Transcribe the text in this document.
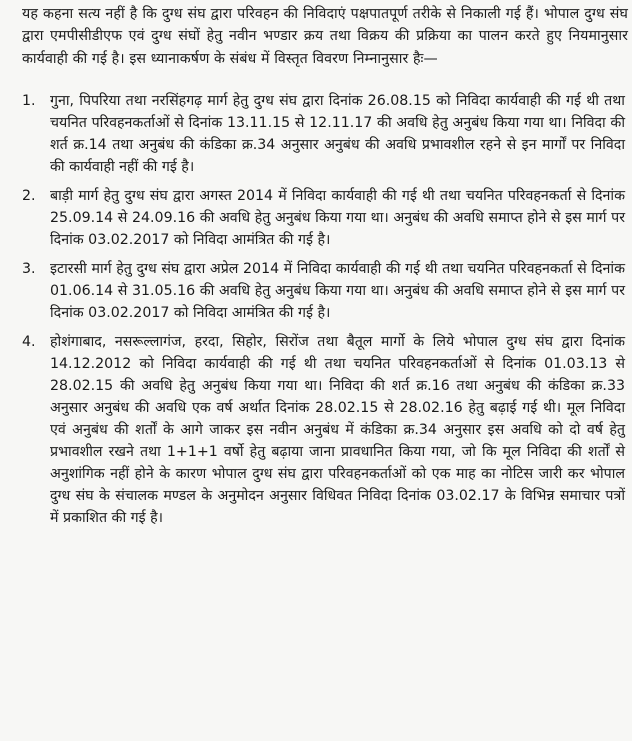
यह कहना सत्य नहीं है कि दुग्ध संघ द्वारा परिवहन की निविदाएं पक्षपातपूर्ण तरीके से निकाली गई हैं। भोपाल दुग्ध संघ द्वारा एमपीसीडीएफ एवं दुग्ध संघों हेतु नवीन भण्डार क्रय तथा विक्रय की प्रक्रिया का पालन करते हुए नियमानुसार कार्यवाही की गई है। इस ध्यानाकर्षण के संबंध में विस्तृत विवरण निम्नानुसार हैः—

1.	गुना, पिपरिया तथा नरसिंहगढ़ मार्ग हेतु दुग्ध संघ द्वारा दिनांक 26.08.15 को निविदा कार्यवाही की गई थी तथा चयनित परिवहनकर्ताओं से दिनांक 13.11.15 से 12.11.17 की अवधि हेतु अनुबंध किया गया था। निविदा की शर्त क्र.14 तथा अनुबंध की कंडिका क्र.34 अनुसार अनुबंध की अवधि प्रभावशील रहने से इन मार्गों पर निविदा की कार्यवाही नहीं की गई है।
2.	बाड़ी मार्ग हेतु दुग्ध संघ द्वारा अगस्त 2014 में निविदा कार्यवाही की गई थी तथा चयनित परिवहनकर्ता से दिनांक 25.09.14 से 24.09.16 की अवधि हेतु अनुबंध किया गया था। अनुबंध की अवधि समाप्त होने से इस मार्ग पर दिनांक 03.02.2017 को निविदा आमंत्रित की गई है।
3.	इटारसी मार्ग हेतु दुग्ध संघ द्वारा अप्रेल 2014 में निविदा कार्यवाही की गई थी तथा चयनित परिवहनकर्ता से दिनांक 01.06.14 से 31.05.16 की अवधि हेतु अनुबंध किया गया था। अनुबंध की अवधि समाप्त होने से इस मार्ग पर दिनांक 03.02.2017 को निविदा आमंत्रित की गई है।
4.	होशंगाबाद, नसरूल्लागंज, हरदा, सिहोर, सिरोंज तथा बैतूल मार्गो के लिये भोपाल दुग्ध संघ द्वारा दिनांक 14.12.2012 को निविदा कार्यवाही की गई थी तथा चयनित परिवहनकर्ताओं से दिनांक 01.03.13 से 28.02.15 की अवधि हेतु अनुबंध किया गया था। निविदा की शर्त क्र.16 तथा अनुबंध की कंडिका क्र.33 अनुसार अनुबंध की अवधि एक वर्ष अर्थात दिनांक 28.02.15 से 28.02.16 हेतु बढ़ाई गई थी। मूल निविदा एवं अनुबंध की शर्तों के आगे जाकर इस नवीन अनुबंध में कंडिका क्र.34 अनुसार इस अवधि को दो वर्ष हेतु प्रभावशील रखने तथा 1+1+1 वर्षो हेतु बढ़ाया जाना प्रावधानित किया गया, जो कि मूल निविदा की शर्तों से अनुशांगिक नहीं होने के कारण भोपाल दुग्ध संघ द्वारा परिवहनकर्ताओं को एक माह का नोटिस जारी कर भोपाल दुग्ध संघ के संचालक मण्डल के अनुमोदन अनुसार विधिवत निविदा दिनांक 03.02.17 के विभिन्न समाचार पत्रों में प्रकाशित की गई है।
